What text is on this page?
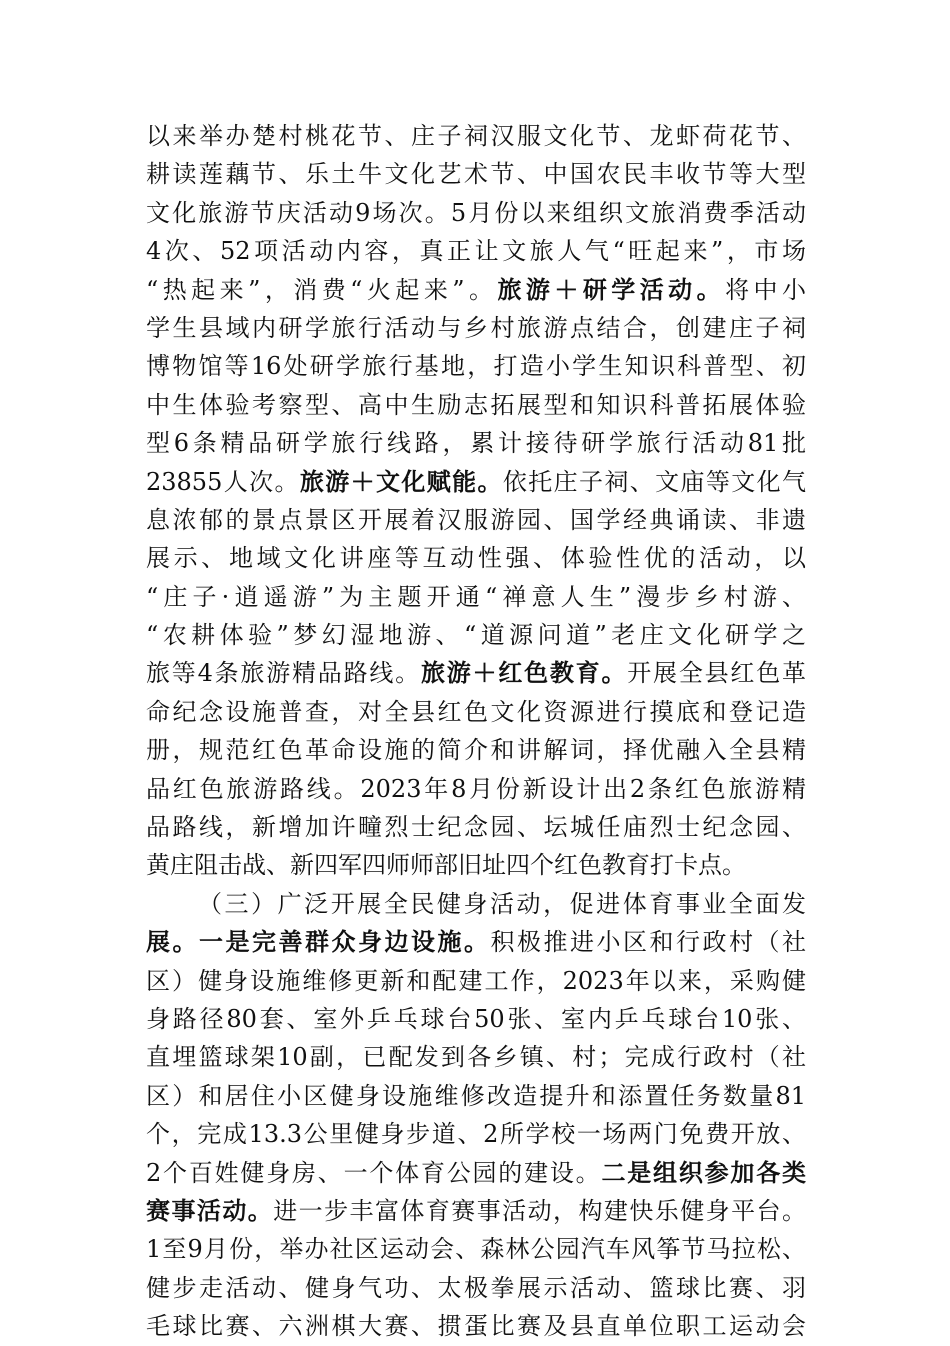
以来举办楚村桃花节、庄子祠汉服文化节、龙虾荷花节、
耕读莲藕节、乐土牛文化艺术节、中国农民丰收节等大型
文化旅游节庆活动9场次。5月份以来组织文旅消费季活动
4次、52项活动内容，真正让文旅人气“旺起来”，市场
“热起来”，消费“火起来”。旅游＋研学活动。将中小
学生县域内研学旅行活动与乡村旅游点结合，创建庄子祠
博物馆等16处研学旅行基地，打造小学生知识科普型、初
中生体验考察型、高中生励志拓展型和知识科普拓展体验
型6条精品研学旅行线路，累计接待研学旅行活动81批
23855人次。旅游＋文化赋能。依托庄子祠、文庙等文化气
息浓郁的景点景区开展着汉服游园、国学经典诵读、非遗
展示、地域文化讲座等互动性强、体验性优的活动，以
“庄子·逍遥游”为主题开通“禅意人生”漫步乡村游、
“农耕体验”梦幻湿地游、“道源问道”老庄文化研学之
旅等4条旅游精品路线。旅游＋红色教育。开展全县红色革
命纪念设施普查，对全县红色文化资源进行摸底和登记造
册，规范红色革命设施的简介和讲解词，择优融入全县精
品红色旅游路线。2023年8月份新设计出2条红色旅游精
品路线，新增加许疃烈士纪念园、坛城任庙烈士纪念园、
黄庄阻击战、新四军四师师部旧址四个红色教育打卡点。
（三）广泛开展全民健身活动，促进体育事业全面发
展。一是完善群众身边设施。积极推进小区和行政村（社
区）健身设施维修更新和配建工作，2023年以来，采购健
身路径80套、室外乒乓球台50张、室内乒乓球台10张、
直埋篮球架10副，已配发到各乡镇、村；完成行政村（社
区）和居住小区健身设施维修改造提升和添置任务数量81
个，完成13.3公里健身步道、2所学校一场两门免费开放、
2个百姓健身房、一个体育公园的建设。二是组织参加各类
赛事活动。进一步丰富体育赛事活动，构建快乐健身平台。
1至9月份，举办社区运动会、森林公园汽车风筝节马拉松、
健步走活动、健身气功、太极拳展示活动、篮球比赛、羽
毛球比赛、六洲棋大赛、掼蛋比赛及县直单位职工运动会
